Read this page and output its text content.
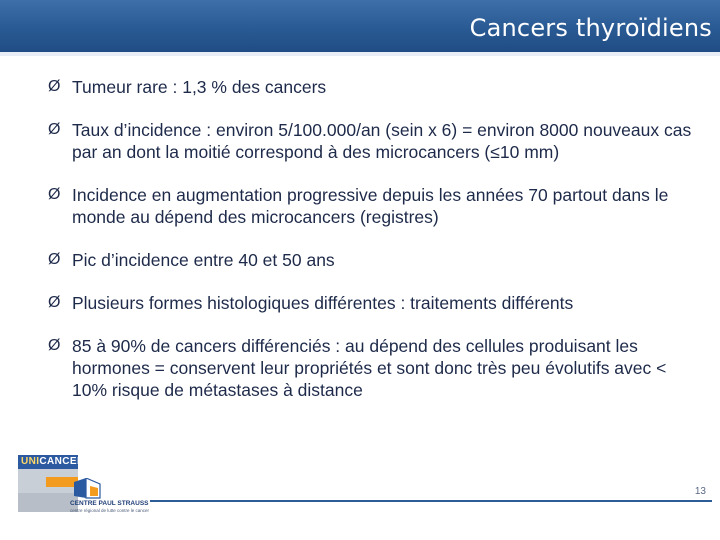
Cancers thyroïdiens
Ø Tumeur rare : 1,3 % des cancers
Ø Taux d’incidence : environ 5/100.000/an (sein x 6) = environ 8000 nouveaux cas par an dont la moitié correspond à des microcancers (≤10 mm)
Ø Incidence en augmentation progressive depuis les années 70 partout dans le monde au dépend des microcancers (registres)
Ø Pic d’incidence entre 40 et 50 ans
Ø Plusieurs formes histologiques différentes : traitements différents
Ø 85 à 90% de cancers différenciés : au dépend des cellules produisant les hormones = conservent leur propriétés et sont donc très peu évolutifs avec < 10% risque de métastases à distance
UNICANCER
CENTRE PAUL STRAUSS
centre régional de lutte contre le cancer
13
